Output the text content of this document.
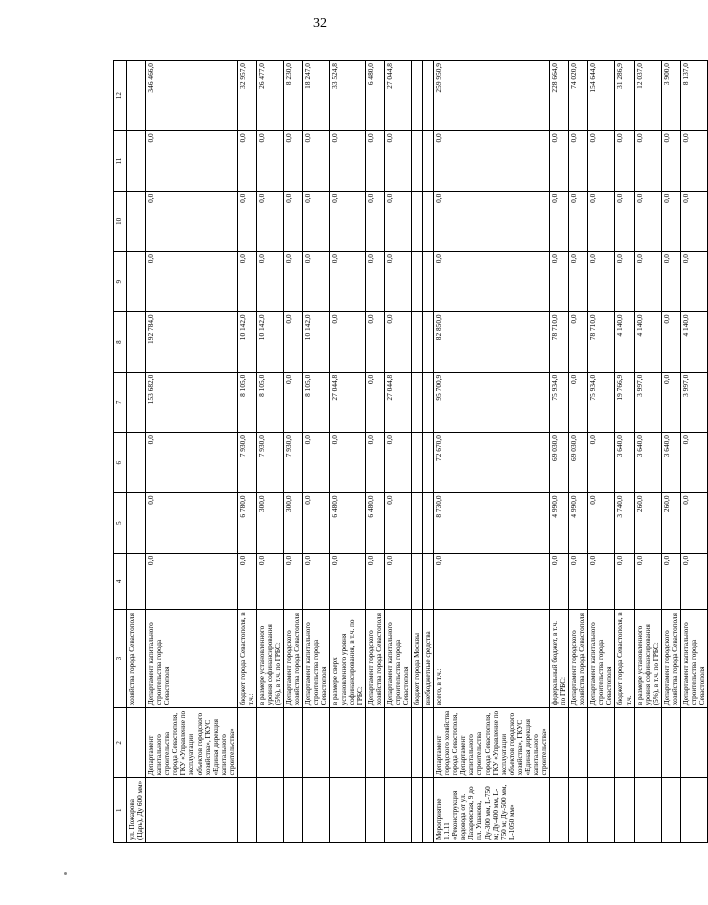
32
1	2	3	4	5	6	7	8	9	10	11	12
ул. Пожарова (Царь), Ду 600 мм»		хозяйства города Севастополя									
	Департамент капитального строительства города Севастополя, ГКУ «Управление по эксплуатации объектов городского хозяйства», ГКУС «Единая дирекция капитального строительства»	Департамент капитального строительства города Севастополя	0,0	0,0	0,0	153 682,0	192 784,0	0,0	0,0	0,0	346 466,0
		бюджет города Севастополя, в т.ч.:	0,0	6 780,0	7 930,0	8 105,0	10 142,0	0,0	0,0	0,0	32 957,0
		в размере установленного уровня софинансирования (5%), в т.ч. по ГРБС:	0,0	300,0	7 930,0	8 105,0	10 142,0	0,0	0,0	0,0	26 477,0
		Департамент городского хозяйства города Севастополя	0,0	300,0	7 930,0	0,0	0,0	0,0	0,0	0,0	8 230,0
		Департамент капитального строительства города Севастополя	0,0	0,0	0,0	8 105,0	10 142,0	0,0	0,0	0,0	18 247,0
		в размере сверх установленного уровня софинансирования, в т.ч. по ГРБС:	0,0	6 480,0	0,0	27 044,8	0,0	0,0	0,0	0,0	33 524,8
		Департамент городского хозяйства города Севастополя	0,0	6 480,0	0,0	0,0	0,0	0,0	0,0	0,0	6 480,0
		Департамент капитального строительства города Севастополя	0,0	0,0	0,0	27 044,8	0,0	0,0	0,0	0,0	27 044,8
		бюджет города Москвы									
		внебюджетные средства									
Мероприятие 1.1.11 «Реконструкция водовода от ул. Лазаревская, 9 до пл. Ушакова, Ду-300 мм, L-750 м; Ду-400 мм, L-750 м; Ду-500 мм, L-1050 мм»	Департамент городского хозяйства города Севастополя, Департамент капитального строительства города Севастополя, ГКУ «Управление по эксплуатации объектов городского хозяйства», ГКУС «Единая дирекция капитального строительства»	всего, в т.ч.:	0,0	8 730,0	72 670,0	95 700,9	82 850,0	0,0	0,0	0,0	259 950,9
		федеральный бюджет, в т.ч. по ГРБС:	0,0	4 990,0	69 030,0	75 934,0	78 710,0	0,0	0,0	0,0	228 664,0
		Департамент городского хозяйства города Севастополя	0,0	4 990,0	69 030,0	0,0	0,0	0,0	0,0	0,0	74 020,0
		Департамент капитального строительства города Севастополя	0,0	0,0	0,0	75 934,0	78 710,0	0,0	0,0	0,0	154 644,0
		бюджет города Севастополя, в т.ч.	0,0	3 740,0	3 640,0	19 766,9	4 140,0	0,0	0,0	0,0	31 286,9
		в размере установленного уровня софинансирования (5%), в т.ч. по ГРБС:	0,0	260,0	3 640,0	3 997,0	4 140,0	0,0	0,0	0,0	12 037,0
		Департамент городского хозяйства города Севастополя	0,0	260,0	3 640,0	0,0	0,0	0,0	0,0	0,0	3 900,0
		Департамент капитального строительства города Севастополя	0,0	0,0	0,0	3 997,0	4 140,0	0,0	0,0	0,0	8 137,0
